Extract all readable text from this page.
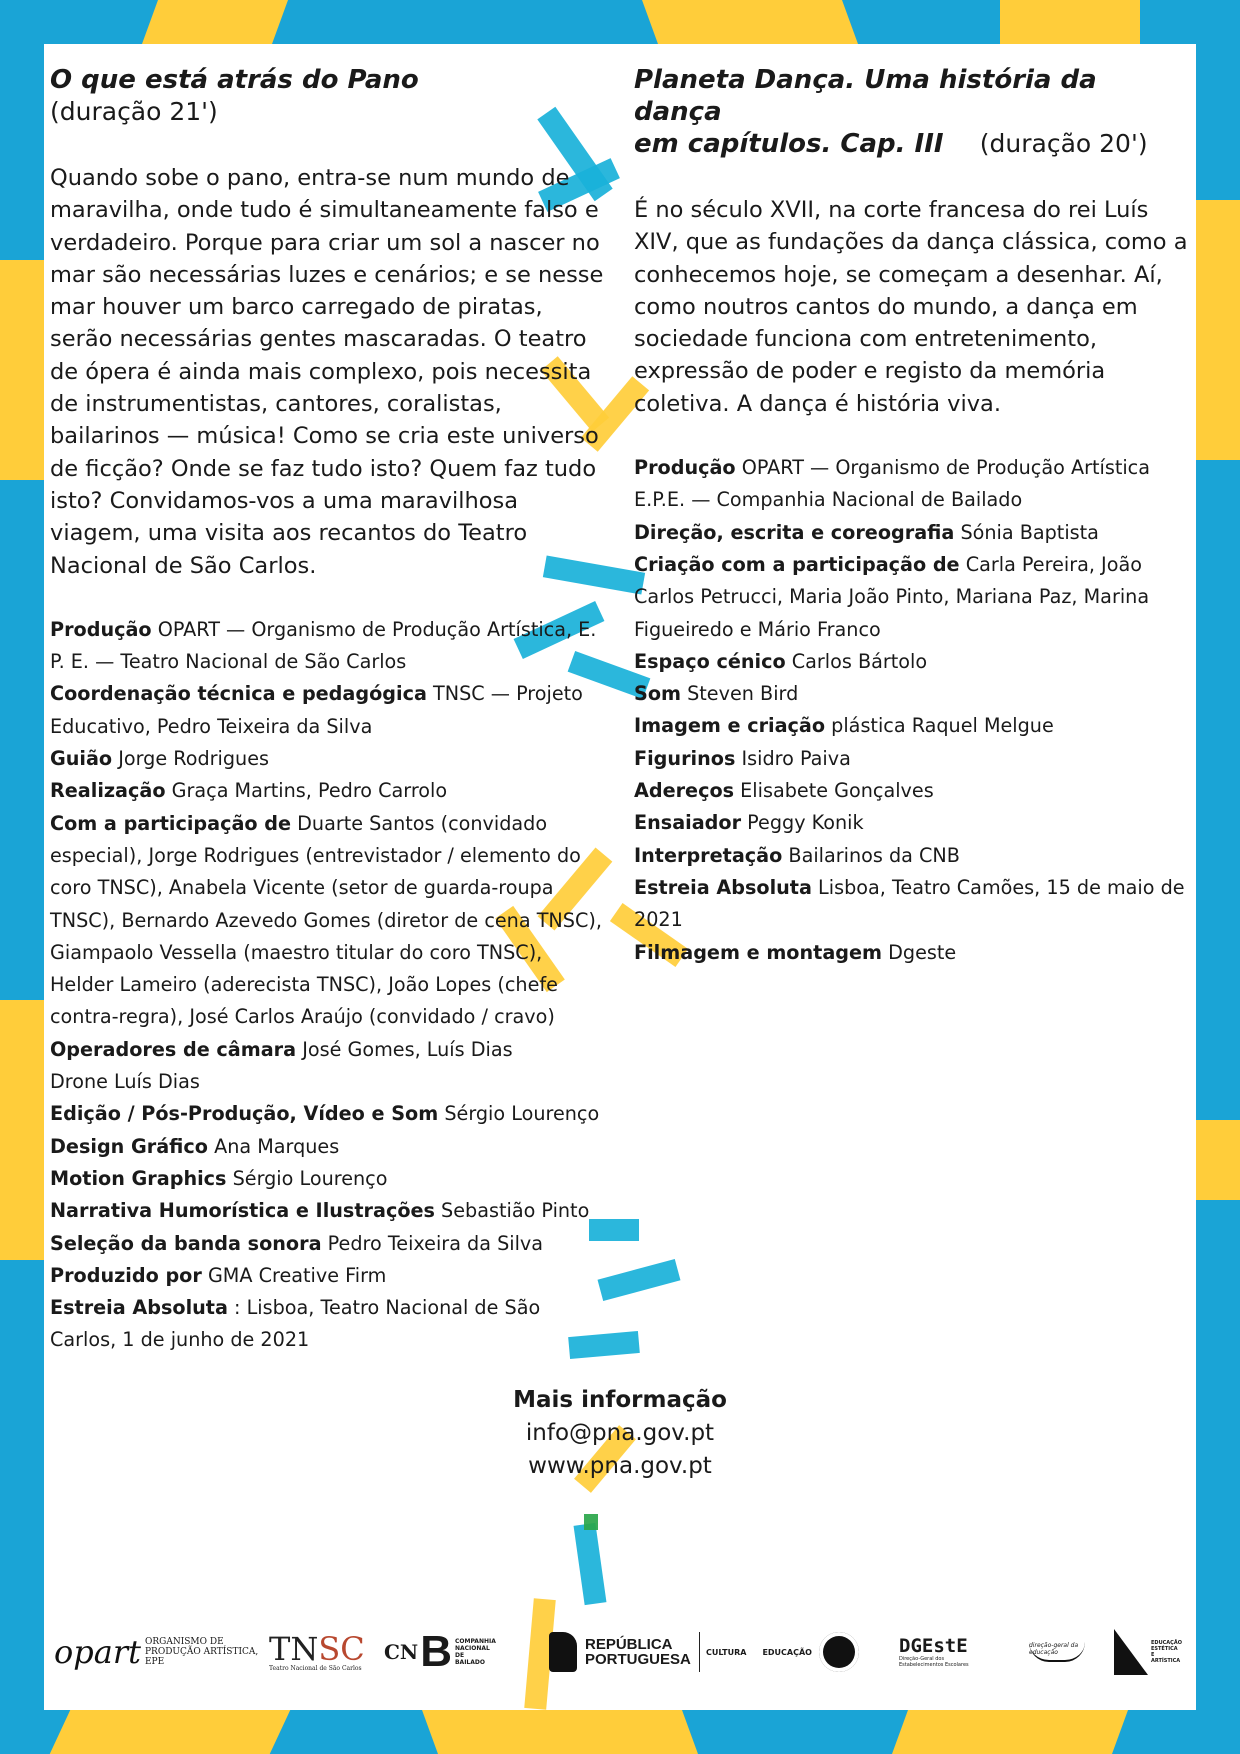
O que está atrás do Pano
(duração 21')

Quando sobe o pano, entra-se num mundo de maravilha, onde tudo é simultaneamente falso e verdadeiro. Porque para criar um sol a nascer no mar são necessárias luzes e cenários; e se nesse mar houver um barco carregado de piratas, serão necessárias gentes mascaradas. O teatro de ópera é ainda mais complexo, pois necessita de instrumentistas, cantores, coralistas, bailarinos — música! Como se cria este universo de ficção? Onde se faz tudo isto? Quem faz tudo isto? Convidamos-vos a uma maravilhosa viagem, uma visita aos recantos do Teatro Nacional de São Carlos.

Produção OPART — Organismo de Produção Artística, E. P. E. — Teatro Nacional de São Carlos
Coordenação técnica e pedagógica TNSC — Projeto Educativo, Pedro Teixeira da Silva
Guião Jorge Rodrigues
Realização Graça Martins, Pedro Carrolo
Com a participação de Duarte Santos (convidado especial), Jorge Rodrigues (entrevistador / elemento do coro TNSC), Anabela Vicente (setor de guarda-roupa TNSC), Bernardo Azevedo Gomes (diretor de cena TNSC), Giampaolo Vessella (maestro titular do coro TNSC), Helder Lameiro (aderecista TNSC), João Lopes (chefe contra-regra), José Carlos Araújo (convidado / cravo)
Operadores de câmara José Gomes, Luís Dias
Drone Luís Dias
Edição / Pós-Produção, Vídeo e Som Sérgio Lourenço
Design Gráfico Ana Marques
Motion Graphics Sérgio Lourenço
Narrativa Humorística e Ilustrações Sebastião Pinto
Seleção da banda sonora Pedro Teixeira da Silva
Produzido por GMA Creative Firm
Estreia Absoluta : Lisboa, Teatro Nacional de São Carlos, 1 de junho de 2021
Planeta Dança. Uma história da dança
em capítulos. Cap. III (duração 20')

É no século XVII, na corte francesa do rei Luís XIV, que as fundações da dança clássica, como a conhecemos hoje, se começam a desenhar. Aí, como noutros cantos do mundo, a dança em sociedade funciona com entretenimento, expressão de poder e registo da memória coletiva. A dança é história viva.

Produção OPART — Organismo de Produção Artística E.P.E. — Companhia Nacional de Bailado
Direção, escrita e coreografia Sónia Baptista
Criação com a participação de Carla Pereira, João Carlos Petrucci, Maria João Pinto, Mariana Paz, Marina Figueiredo e Mário Franco
Espaço cénico Carlos Bártolo
Som Steven Bird
Imagem e criação plástica Raquel Melgue
Figurinos Isidro Paiva
Adereços Elisabete Gonçalves
Ensaiador Peggy Konik
Interpretação Bailarinos da CNB
Estreia Absoluta Lisboa, Teatro Camões, 15 de maio de 2021
Filmagem e montagem Dgeste
Mais informação
info@pna.gov.pt
www.pna.gov.pt
opart ORGANISMO DE PRODUÇÃO ARTÍSTICA, EPE	TNSC
Teatro Nacional de São Carlos
CN B COMPANHIA NACIONAL DE BAILADO
REPÚBLICA
PORTUGUESA CULTURA EDUCAÇÃO	DGEstE
Direção-Geral dos Estabelecimentos Escolares
direção-geral da educação
EDUCAÇÃO ESTÉTICA E ARTÍSTICA
